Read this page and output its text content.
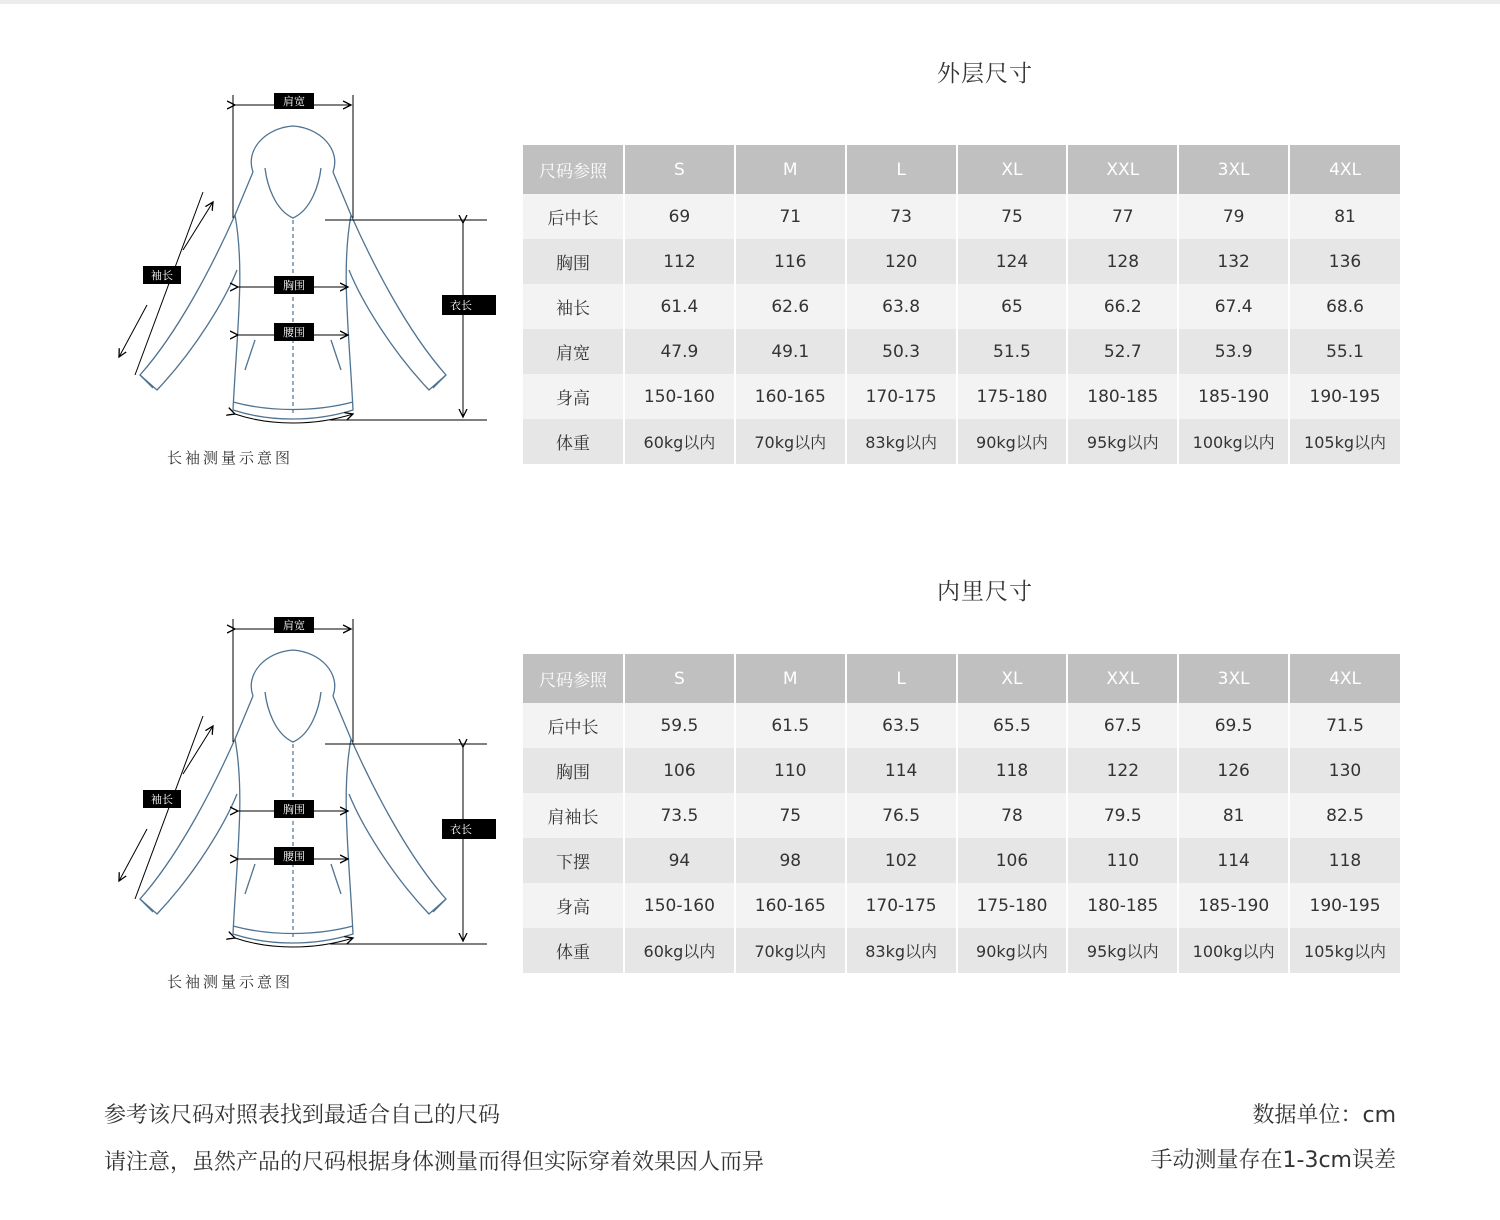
外层尺寸
肩宽
袖长
胸围
腰围
衣长
长袖测量示意图
尺码参照	S	M	L	XL	XXL	3XL	4XL
后中长	69	71	73	75	77	79	81
胸围	112	116	120	124	128	132	136
袖长	61.4	62.6	63.8	65	66.2	67.4	68.6
肩宽	47.9	49.1	50.3	51.5	52.7	53.9	55.1
身高	150-160	160-165	170-175	175-180	180-185	185-190	190-195
体重	60kg以内	70kg以内	83kg以内	90kg以内	95kg以内	100kg以内	105kg以内
内里尺寸
肩宽
袖长
胸围
腰围
衣长
长袖测量示意图
尺码参照	S	M	L	XL	XXL	3XL	4XL
后中长	59.5	61.5	63.5	65.5	67.5	69.5	71.5
胸围	106	110	114	118	122	126	130
肩袖长	73.5	75	76.5	78	79.5	81	82.5
下摆	94	98	102	106	110	114	118
身高	150-160	160-165	170-175	175-180	180-185	185-190	190-195
体重	60kg以内	70kg以内	83kg以内	90kg以内	95kg以内	100kg以内	105kg以内
参考该尺码对照表找到最适合自己的尺码
请注意，虽然产品的尺码根据身体测量而得但实际穿着效果因人而异
数据单位：cm
手动测量存在1-3cm误差
